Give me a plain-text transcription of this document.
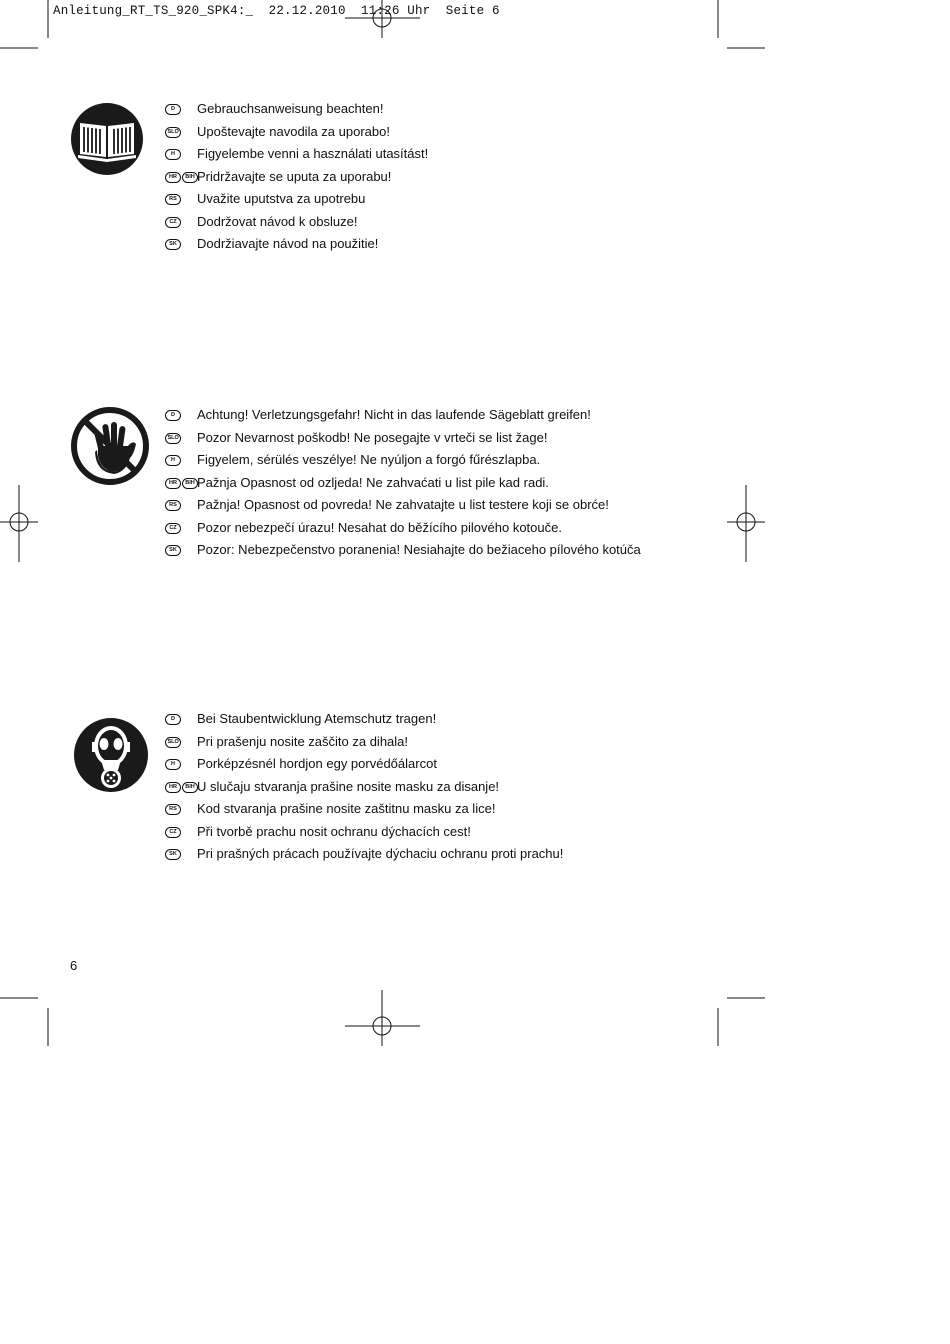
Anleitung_RT_TS_920_SPK4:_  22.12.2010  11:26 Uhr  Seite 6
D	Gebrauchsanweisung beachten!
SLO Upoštevajte navodila za uporabo!
H	Figyelembe venni a használati utasítást!
HR	BIH Pridržavajte se uputa za uporabu!
RS	Uvažite uputstva za upotrebu
CZ	Dodržovat návod k obsluze!
SK	Dodržiavajte návod na použitie!
D	Achtung! Verletzungsgefahr! Nicht in das laufende Sägeblatt greifen!
SLO Pozor Nevarnost poškodb! Ne posegajte v vrteči se list žage!
H	Figyelem, sérülés veszélye! Ne nyúljon a forgó fűrészlapba.
HR	BIH Pažnja Opasnost od ozljeda! Ne zahvaćati u list pile kad radi.
RS	Pažnja! Opasnost od povreda! Ne zahvatajte u list testere koji se obrće!
CZ	Pozor nebezpečí úrazu! Nesahat do běžícího pilového kotouče.
SK	Pozor: Nebezpečenstvo poranenia! Nesiahajte do bežiaceho pílového kotúča
D	Bei Staubentwicklung Atemschutz tragen!
SLO Pri prašenju nosite zaščito za dihala!
H	Porképzésnél hordjon egy porvédőálarcot
HR	BIH U slučaju stvaranja prašine nosite masku za disanje!
RS	Kod stvaranja prašine nosite zaštitnu masku za lice!
CZ	Při tvorbě prachu nosit ochranu dýchacích cest!
SK	Pri prašných prácach používajte dýchaciu ochranu proti prachu!
6
